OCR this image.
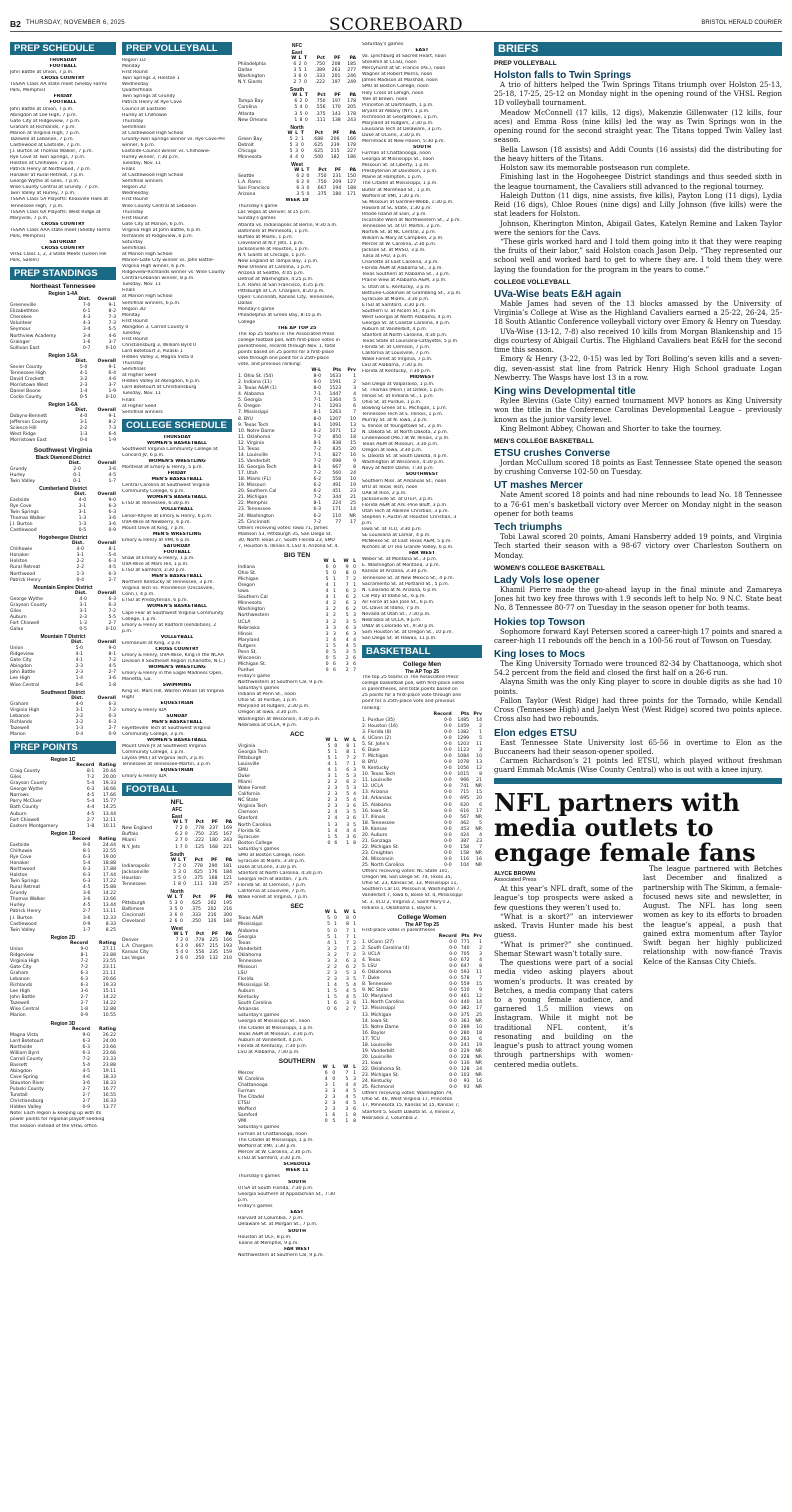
B2 THURSDAY, NOVEMBER 6, 2025	SCOREBOARD	BRISTOL HERALD COURIER
PREP SCHEDULE
THURSDAY
FOOTBALL
John Battle at Union, 7 p.m.
CROSS COUNTRY
TSSAA Class AA state meet (Shelby Farms
Park, Memphis)
FRIDAY
FOOTBALL
John Battle at Union, 7 p.m.
Abingdon at Lee High, 7 p.m.
Gate City at Ridgeview, 7 p.m.
Graham at Richlands, 7 p.m.
Marion at Virginia High, 7 p.m.
Tazewell at Lebanon, 7 p.m.
Castlewood at Eastside, 7 p.m.
J.I. Burton at Thomas Walker, 7 p.m.
Rye Cove at Twin Springs, 7 p.m.
Holston at Chilhowie, 7 p.m.
Patrick Henry at Northwood, 7 p.m.
Honaker at Rural Retreat, 7 p.m.
George Wythe at Giles, 7 p.m.
Wise County Central at Grundy, 7 p.m.
Twin Valley at Hurley, 7 p.m.
TSSAA Class 5A Playoffs: Knoxville Halls at
Tennessee High, 7 p.m.
TSSAA Class 6A Playoffs: West Ridge at
Maryville, 7 p.m.
CROSS COUNTRY
TSSAA Class AAA state meet (Shelby Farms
Park, Memphis)
SATURDAY
CROSS COUNTRY
VHSL Class 1, 2, 3 State Meets (Green Hill
Park, Salem)
PREP STANDINGS
Northeast Tennessee
Region 1-4A
	Dist.	Overall
Greeneville	7-0	9-1
Elizabethton	6-1	8-2
Cherokee	4-3	7-3
Volunteer	4-3	7-3
Seymour	3-4	5-5
Northview Academy	3-4	4-6
Grainger	1-6	3-7
Sullivan East	0-7	0-10
Region 1-5A
	Dist.	Overall
Sevier County	5-0	9-1
Tennessee High	4-1	6-4
David Crockett	3-2	4-6
Morristown West	2-3	3-7
Daniel Boone	1-4	1-9
Cocke County	0-5	0-10
Region 1-6A
	Dist.	Overall
Dobyns-Bennett	4-0	9-1
Jefferson County	3-1	8-2
Science Hill	2-2	7-3
West Ridge	1-3	6-4
Morristown East	0-4	1-9
Southwest Virginia
Black Diamond District
	Dist.	Overall
Grundy	2-0	3-6
Hurley	0-1	4-5
Twin Valley	0-1	1-7
Cumberland District
	Dist.	Overall
Eastside	4-0	9-0
Rye Cove	3-1	6-3
Twin Springs	3-1	6-3
Thomas Walker	1-3	3-6
J.I. Burton	1-3	3-6
Castlewood	0-5	0-9
Hogoheegee District
	Dist.	Overall
Chilhowie	4-0	8-1
Honaker	3-1	5-4
Holston	2-2	6-3
Rural Retreat	2-2	4-5
Northwood	1-3	6-3
Patrick Henry	0-4	2-7
Mountain Empire District
	Dist.	Overall
George Wythe	4-0	6-3
Grayson County	3-1	6-3
Giles	3-1	7-2
Auburn	2-3	5-5
Fort Chiswell	1-3	2-7
Galax	0-5	0-10
Mountain 7 District
	Dist.	Overall
Union	5-0	9-0
Ridgeview	4-1	8-1
Gate City	4-1	7-2
Abingdon	2-3	4-5
John Battle	2-3	2-7
Lee High	1-4	3-6
Wise Central	0-6	1-8
Southwest District
	Dist.	Overall
Graham	4-0	6-3
Virginia High	3-1	7-2
Lebanon	2-2	6-3
Richlands	2-2	6-3
Tazewell	1-3	2-7
Marion	0-4	0-9
PREP POINTS
Region 1C
	Record	Rating
Craig County	8-1	20.44
Giles	7-2	20.00
Grayson County	5-4	19.33
George Wythe	6-3	18.66
Narrows	4-5	17.66
Parry McCluer	5-4	15.77
Bath County	4-4	14.25
Auburn	4-5	13.44
Fort Chiswell	2-7	12.11
Eastern Montgomery	1-8	10.11
Region 1D
	Record	Rating
Eastside	9-0	24.44
Chilhowie	8-1	22.55
Rye Cove	6-3	19.00
Honaker	5-4	18.88
Northwood	6-3	17.88
Holston	6-3	17.44
Twin Springs	6-3	17.22
Rural Retreat	4-5	15.88
Grundy	3-6	14.22
Thomas Walker	3-6	13.66
Hurley	4-5	13.44
Patrick Henry	2-7	13.11
J.I. Burton	3-6	12.33
Castlewood	0-9	8.33
Twin Valley	1-7	8.25
Region 2D
	Record	Rating
Union	9-0	27.11
Ridgeview	8-1	23.88
Virginia High	7-2	23.55
Gate City	7-2	23.11
Graham	6-3	21.11
Lebanon	6-3	20.66
Richlands	6-3	19.33
Lee High	3-6	15.11
John Battle	2-7	14.22
Tazewell	2-7	14.22
Wise Central	1-8	12.88
Marion	0-9	10.55
Region 3D
	Record	Rating
Magna Vista	9-0	26.22
Lord Botetourt	6-3	24.00
Northside	6-3	23.66
William Byrd	6-3	23.66
Carroll County	7-2	23.33
Bassett	5-4	23.88
Abingdon	4-5	19.11
Cave Spring	4-6	18.33
Staunton River	3-6	18.33
Pulaski County	2-7	16.77
Tunstall	2-7	16.55
Christiansburg	2-7	16.33
Hidden Valley	0-9	13.77
Note: Each region & keeping up with its
power points for regional playoff seeding
this season instead of the VHSL office.
PREP VOLLEYBALL
Region 1D
Monday
First Round
Twin Springs 3, Holston 1
Wednesday
Quarterfinals
Twin Springs at Grundy
Patrick Henry at Rye Cove
Council at Eastside
Hurley at Chilhowie
Thursday
Semifinals
at Castlewood High School
Grundy-Twin Springs winner vs. Rye Cove-PH
winner, 6 p.m.
Eastside-Council winner vs. Chilhowie-
Hurley winner, 7:30 p.m.
Tuesday, Nov. 11
Finals
at Castlewood High School
Semifinal winners
Region 2D
Wednesday
First Round
Wise County Central at Lebanon
Thursday
First Round
Gate City at Marion, 6 p.m.
Virginia High at John Battle, 6 p.m.
Richlands at Ridgeview, 6 p.m.
Saturday
Semifinals
at Marion High School
Marion-Gate City winner vs. John Battle-
Virginia High winner, 6 p.m.
Ridgeview-Richlands winner vs. Wise County
Central-Lebanon winner, 8 p.m.
Tuesday, Nov. 11
Finals
at Marion High School
Semifinal winners, 6 p.m.
Region 3D
Monday
First Round
Abingdon 3, Carroll County 0
Tuesday
First Round
Christiansburg 3, William Byrd 0
Lord Botetourt 3, Pulaski 1
Hidden Valley 3, Magna Vista 0
Thursday
Semifinals
at Higher Seed
Hidden Valley at Abingdon, 6 p.m.
Lord Botetourt at Christiansburg
Tuesday, Nov. 11
Finals
at Higher Seed
Semifinal winners
COLLEGE SCHEDULE
THURSDAY
WOMEN'S BASKETBALL
Southwest Virginia Community College at
Concord JV, 6 p.m.
WOMEN'S WRESTLING
Montreat at Emory & Henry, 5 p.m.
FRIDAY
MEN'S BASKETBALL
Central Carolina at Southwest Virginia
Community College, 6 p.m.
WOMEN'S BASKETBALL
ETSU at Tennessee, 6:30 p.m.
VOLLEYBALL
Lenoir-Rhyne at Emory & Henry, 6 p.m.
UVA-Wise at Newberry, 6 p.m.
Mount Olive at King, 7 p.m.
MEN'S WRESTLING
Emory & Henry at VMI, 6 p.m.
SATURDAY
FOOTBALL
Shaw at Emory & Henry, 1 p.m.
UVA-Wise at Mars Hill, 1 p.m.
ETSU at Samford, 3:30 p.m.
MEN'S BASKETBALL
Northern Kentucky at Tennessee, 3 p.m.
Virginia Tech vs. Providence (Uncasville,
Conn.), 4 p.m.
ETSU at Presbyterian, 6 p.m.
WOMEN'S BASKETBALL
Cape Fear at Southwest Virginia Community
College, 1 p.m.
Emory & Henry at Radford (exhibition), 2
p.m.
VOLLEYBALL
Emmanuel at King, 2 p.m.
CROSS COUNTRY
Emory & Henry, UVA-Wise, King in the NCAA
Division II Southeast Region (Charlotte, N.C.)
WOMEN'S WRESTLING
Emory & Henry in the Eagle Madness Open,
Marietta, Ga.
SWIMMING
King vs. Mars Hill, Warren Wilson (at Virginia
High)
EQUESTRIAN
Emory & Henry IDA
SUNDAY
MEN'S BASKETBALL
Fayetteville Tech at Southwest Virginia
Community College, 3 p.m.
WOMEN'S BASKETBALL
Mount Olive JV at Southwest Virginia
Community College, 1 p.m.
Loyola (Md.) at Virginia Tech, 2 p.m.
Tennessee at Tennessee-Martin, 3 p.m.
EQUESTRIAN
Emory & Henry IDA
FOOTBALL
NFL
AFC
East
	W	L	T	Pct	PF	PA
New England	7	2	0	.778	237	169
Buffalo	6	2	0	.750	235	167
Miami	2	7	0	.222	180	243
N.Y. Jets	1	7	0	.125	168	221
South
	W	L	T	Pct	PF	PA
Indianapolis	7	2	0	.778	290	181
Jacksonville	5	3	0	.625	176	184
Houston	3	5	0	.375	168	121
Tennessee	1	8	0	.111	130	257
North
	W	L	T	Pct	PF	PA
Pittsburgh	5	3	0	.625	202	195
Baltimore	3	5	0	.375	202	216
Cincinnati	3	6	0	.333	216	300
Cleveland	2	6	0	.250	126	184
West
	W	L	T	Pct	PF	PA
Denver	7	2	0	.778	225	166
L.A. Chargers	6	3	0	.667	215	193
Kansas City	5	4	0	.556	235	159
Las Vegas	2	6	0	.250	132	210
NFC
East
	W	L	T	Pct	PF	PA
Philadelphia	6	2	0	.750	208	185
Dallas	3	5	1	.389	263	277
Washington	3	6	0	.333	201	246
N.Y. Giants	2	7	0	.222	197	249
South
	W	L	T	Pct	PF	PA
Tampa Bay	6	2	0	.750	197	178
Carolina	5	4	0	.556	170	205
Atlanta	3	5	0	.375	143	178
New Orleans	1	8	0	.111	138	243
North
	W	L	T	Pct	PF	PA
Green Bay	5	2	1	.688	206	166
Detroit	5	3	0	.625	239	178
Chicago	5	3	0	.625	215	227
Minnesota	4	4	0	.500	182	186
West
	W	L	T	Pct	PF	PA
Seattle	6	2	0	.750	231	150
L.A. Rams	6	2	0	.750	209	127
San Francisco	6	3	0	.667	194	188
Arizona	3	5	0	.375	180	171
WEEK 10
Thursday's game
Las Vegas at Denver, 8:15 p.m.
Sunday's games
Atlanta vs. Indianapolis at Berlin, 9:30 a.m.
Baltimore at Minnesota, 1 p.m.
Buffalo at Miami, 1 p.m.
Cleveland at N.Y. Jets, 1 p.m.
Jacksonville at Houston, 1 p.m.
N.Y. Giants at Chicago, 1 p.m.
New England at Tampa Bay, 1 p.m.
New Orleans at Carolina, 1 p.m.
Arizona at Seattle, 4:05 p.m.
Detroit at Washington, 4:25 p.m.
L.A. Rams at San Francisco, 4:25 p.m.
Pittsburgh at L.A. Chargers, 8:20 p.m.
Open: Cincinnati, Kansas City, Tennessee,
Dallas
Monday's game
Philadelphia at Green Bay, 8:15 p.m.
College
THE AP TOP 25
The Top 25 teams in The Associated Press
college football poll, with first-place votes in
parentheses, records through Nov. 1, total
points based on 25 points for a first-place
vote through one point for a 25th-place
vote, and previous ranking:
	W-L	Pts	Prv
1. Ohio St. (54)	8-0	1633	1
2. Indiana (11)	9-0	1591	2
3. Texas A&M (1)	8-0	1523	3
4. Alabama	7-1	1447	4
5. Georgia	7-1	1364	5
6. Oregon	7-1	1293	6
7. Mississippi	8-1	1263	7
8. BYU	8-0	1207	10
9. Texas Tech	8-1	1091	13
10. Notre Dame	6-2	1071	12
11. Oklahoma	7-2	850	18
12. Virginia	8-1	838	15
13. Texas	7-2	835	20
14. Louisville	7-1	827	16
15. Vanderbilt	7-2	698	9
16. Georgia Tech	8-1	667	8
17. Utah	7-2	560	24
18. Miami (FL)	6-2	558	10
19. Missouri	6-2	491	19
20. Southern Cal	6-2	451	23
21. Michigan	7-2	344	21
22. Memphis	8-1	224	25
23. Tennessee	6-3	171	14
24. Washington	6-2	110	NR
25. Cincinnati	7-2	77	17
Others receiving votes: Iowa 71, James
Madison 53, Pittsburgh 35, San Diego St.
30, North Texas 27, South Florida 23, SMU
7, Houston 6, Illinois 4, LSU 4, Arizona St. 4.
BIG TEN
	W	L	W	L
Indiana	6	0	9	0
Ohio St.	5	0	8	0
Michigan	5	1	7	2
Oregon	4	1	7	1
Iowa	4	1	6	2
Southern Cal	4	1	6	2
Minnesota	4	2	6	3
Washington	3	2	6	2
Northwestern	3	2	5	3
UCLA	3	2	3	5
Nebraska	3	3	6	3
Illinois	3	3	6	3
Maryland	1	4	4	4
Rutgers	1	5	4	5
Penn St.	0	5	3	5
Wisconsin	0	5	2	6
Michigan St.	0	6	3	6
Purdue	0	6	2	7
Friday's game
Northwestern at Southern Cal, 9 p.m.
Saturday's games
Indiana at Penn St., noon
Ohio St. at Purdue, 1 p.m.
Maryland at Rutgers, 2:30 p.m.
Oregon at Iowa, 3:30 p.m.
Washington at Wisconsin, 4:30 p.m.
Nebraska at UCLA, 9 p.m.
ACC
	W	L	W	L
Virginia	5	0	8	1
Georgia Tech	5	1	8	1
Pittsburgh	5	1	7	2
Louisville	4	1	7	1
SMU	4	1	6	3
Duke	3	1	5	3
Miami	2	2	6	2
Wake Forest	2	3	5	3
California	2	3	5	4
NC State	2	3	5	4
Virginia Tech	2	3	3	6
Clemson	2	4	3	5
Stanford	2	4	3	6
North Carolina	1	3	3	5
Florida St.	1	4	4	4
Syracuse	1	5	3	6
Boston College	0	6	1	8
Saturday's games
SMU at Boston College, noon
Syracuse at Miami, 3:30 p.m.
Duke at UConn, 3:30 p.m.
Stanford at North Carolina, 4:30 p.m.
Georgia Tech at Boston, 7 p.m.
Florida St. at Clemson, 7 p.m.
California at Louisville, 7 p.m.
Wake Forest at Virginia, 7 p.m.
SEC
	W	L	W	L
Texas A&M	5	0	8	0
Mississippi	5	1	8	1
Alabama	5	0	7	1
Georgia	5	1	7	1
Texas	4	1	7	2
Vanderbilt	3	2	7	2
Oklahoma	3	2	7	2
Tennessee	3	3	6	3
Missouri	2	2	6	2
LSU	2	3	5	3
Florida	2	3	3	5
Mississippi St.	1	4	5	4
Auburn	1	5	4	5
Kentucky	1	5	4	5
South Carolina	1	6	3	6
Arkansas	0	6	2	7
Saturday's games
Georgia at Mississippi St., noon
The Citadel at Mississippi, 1 p.m.
Texas A&M at Missouri, 3:30 p.m.
Auburn at Vanderbilt, 4 p.m.
Florida at Kentucky, 7:30 p.m.
LSU at Alabama, 7:30 p.m.
SOUTHERN
	W	L	W	L
Mercer	6	0	7	1
W. Carolina	4	0	5	3
Chattanooga	3	1	4	4
Furman	3	3	4	5
The Citadel	2	3	4	5
ETSU	2	3	4	5
Wofford	2	3	3	6
Samford	1	6	1	8
VMI	0	5	1	8
Saturday's games
Furman at Chattanooga, noon
The Citadel at Mississippi, 1 p.m.
Wofford at VMI, 1:30 p.m.
Mercer at W. Carolina, 2:30 p.m.
ETSU at Samford, 3:30 p.m.
SCHEDULE
WEEK 11
Thursday's games
SOUTH
UTSA at South Florida, 7:30 p.m.
Georgia Southern at Appalachian St., 7:30
p.m.
Friday's games
EAST
Harvard at Columbia, 7 p.m.
Delaware St. at Morgan St., 7 p.m.
SOUTH
Houston at UCF, 8 p.m.
Tulane at Memphis, 9 p.m.
FAR WEST
Northwestern at Southern Cal, 9 p.m.
Saturday's games
EAST
Va. Lynchburg at Sacred Heart, noon
Stonehill at CCSU, noon
Mercyhurst at St. Francis (Pa.), noon
Wagner at Robert Morris, noon
James Madison at Marshall, noon
SMU at Boston College, noon
Holy Cross at Lehigh, noon
Yale at Brown, noon
Princeton at Dartmouth, 1 p.m.
Bryant at Albany (NY), 1 p.m.
Richmond at Georgetown, 1 p.m.
Maryland at Rutgers, 2:30 p.m.
Louisiana Tech at Delaware, 3 p.m.
Duke at UConn, 3:30 p.m.
Merrimack at New Haven, 5:30 p.m.
SOUTH
Furman at Chattanooga, noon
Georgia at Mississippi St., noon
Missouri St. at Liberty, 1 p.m.
Presbyterian at Davidson, 1 p.m.
Maine at Hampton, 1 p.m.
The Citadel at Mississippi, 1 p.m.
Butler at Morehead St., 1 p.m.
Wofford at VMI, 1:30 p.m.
SE Missouri at Gardner-Webb, 1:30 p.m.
Howard at SC State, 1:30 p.m.
Rhode Island at Elon, 2 p.m.
Incarnate Word at Northwestern St., 2 p.m.
Tennessee St. at UT Martin, 2 p.m.
Norfolk St. at NC Central, 2 p.m.
William & Mary at Campbell, 2 p.m.
Mercer at W. Carolina, 2:30 p.m.
Jackson St. at MVSU, 3 p.m.
Tulsa at FAU, 3 p.m.
Charlotte at East Carolina, 3 p.m.
Florida A&M at Alabama St., 3 p.m.
Texas Southern at Alabama St., 3 p.m.
Prairie View at Alabama A&M, 3 p.m.
S. Utah at E. Kentucky, 3 p.m.
Bethune-Cookman at Grambling St., 3 p.m.
Syracuse at Miami, 3:30 p.m.
ETSU at Samford, 3:30 p.m.
Southern U. at Alcorn St., 4 p.m.
West Georgia at North Alabama, 4 p.m.
Georgia St. at Coastal Carolina, 4 p.m.
Auburn at Vanderbilt, 4 p.m.
Stanford at North Carolina, 4:30 p.m.
Texas State at Louisiana-Lafayette, 5 p.m.
Florida St. at Clemson, 7 p.m.
California at Louisville, 7 p.m.
Wake Forest at Virginia, 7 p.m.
LSU at Alabama, 7:30 p.m.
Florida at Kentucky, 7:30 p.m.
MIDWEST
San Diego at Valparaiso, 1 p.m.
St. Thomas (Minn.) at Drake, 1 p.m.
Illinois St. at Indiana St., 1 p.m.
Ohio St. at Purdue, 1 p.m.
Bowling Green at E. Michigan, 1 p.m.
Tennessee Tech at E. Illinois, 1 p.m.
Murray St. at N. Iowa, 2 p.m.
S. Illinois at Youngstown St., 2 p.m.
N. Dakota St. at North Dakota, 2 p.m.
Lindenwood (Mo.) at W. Illinois, 2 p.m.
Texas A&M at Missouri, 3:30 p.m.
Oregon at Iowa, 3:30 p.m.
S. Dakota St. at South Dakota, 4 p.m.
Washington at Wisconsin, 4:30 p.m.
Navy at Notre Dame, 7:30 p.m.
SOUTHWEST
Southern Miss. at Arkansas St., noon
BYU at Texas Tech, noon
UAB at Rice, 2 p.m.
Jacksonville St. at UTEP, 3 p.m.
Florida A&M at Ark.-Pine Bluff, 3 p.m.
Utah Tech at Abilene Christian, 3 p.m.
Stephen F. Austin at Houston Christian, 3
p.m.
Iowa St. at TCU, 3:30 p.m.
SE Louisiana at Lamar, 4 p.m.
McNeese St. at East Texas A&M, 5 p.m.
Nicholls at UT Rio Grande Valley, 6 p.m.
FAR WEST
Weber St. at Montana St., 3 p.m.
E. Washington at Montana, 3 p.m.
Kansas at Arizona, 3:30 p.m.
Tennessee St. at New Mexico St., 4 p.m.
Sacramento St. at Portland St., 5 p.m.
N. Colorado at N. Arizona, 6 p.m.
Cal Poly at Idaho St., 6 p.m.
Air Force at San Jose St., 6 p.m.
UC Davis at Idaho, 7 p.m.
Nevada at Utah St., 7:30 p.m.
Nebraska at UCLA, 9 p.m.
UNLV at Colorado St., 9:30 p.m.
Sam Houston St. at Oregon St., 10 p.m.
San Diego St. at Hawaii, 11 p.m.
BASKETBALL
College Men
The AP Top 25
The top 25 teams in The Associated Press'
college basketball poll, with first-place votes
in parentheses, and total points based on
25 points for a first-place vote through one
point for a 25th-place vote and previous
ranking:
	Record	Pts	Prv
1. Purdue (35)	0-0	1485	14
2. Houston (16)	0-0	1459	2
3. Florida (8)	0-0	1382	1
4. UConn (2)	0-0	1299	5
5. St. John's	0-0	1203	11
6. Duke	0-0	1123	3
7. Michigan	0-0	1084	10
8. BYU	0-0	1078	13
9. Kentucky	0-0	1056	12
10. Texas Tech	0-0	1015	8
11. Louisville	0-0	966	21
12. UCLA	0-0	741	NR
13. Arizona	0-0	715	15
14. Arkansas	0-0	695	20
15. Alabama	0-0	620	6
16. Iowa St.	0-0	616	17
17. Illinois	0-0	567	NR
18. Tennessee	0-0	462	5
19. Kansas	0-0	453	NR
20. Auburn	0-0	424	4
21. Gonzaga	0-0	387	23
22. Michigan St.	0-0	158	7
23. Creighton	0-0	158	NR
24. Wisconsin	0-0	116	16
25. North Carolina	0-0	104	NR
Others receiving votes: NC State 101,
Oregon 98, San Diego St. 74, Texas 35,
Ohio St. 23, Kansas St. 13, Mississippi 11,
Southern Cal 10, Missouri 8, Washington 7,
Vanderbilt 7, Iowa 6, Boise St. 4, Mississippi
St. 3, VCU 2, Virginia 2, Saint Mary's 2,
Indiana 1, Oklahoma 1, Baylor 1.
College Women
The AP Top 25
First-place votes in parentheses
	Record	Pts	Prv
1. UConn (27)	0-0	771	1
2. South Carolina (4)	0-0	740	2
3. UCLA	0-0	705	3
4. Texas	0-0	672	4
5. LSU	0-0	647	8
6. Oklahoma	0-0	593	11
7. Duke	0-0	578	7
8. Tennessee	0-0	559	15
9. NC State	0-0	510	9
10. Maryland	0-0	461	12
11. North Carolina	0-0	440	14
12. Mississippi	0-0	382	17
13. Michigan	0-0	375	25
14. Iowa St.	0-0	363	NR
15. Notre Dame	0-0	289	10
16. Baylor	0-0	280	18
17. TCU	0-0	263	6
18. Louisville	0-0	241	19
19. Vanderbilt	0-0	229	NR
20. Louisville	0-0	228	NR
21. Iowa	0-0	130	NR
22. Oklahoma St.	0-0	128	24
23. Michigan St.	0-0	103	NR
24. Kentucky	0-0	93	16
25. Richmond	0-0	93	NR
Others receiving votes: Washington 79,
Ohio St. 46, West Virginia 17, Princeton
17, Minnesota 15, Kansas St 15, Kansas 7,
Stanford 5, South Dakota St. 3, Illinois 2,
Nebraska 2, Columbia 2.
BRIEFS
PREP VOLLEYBALL
Holston falls to Twin Springs

A trio of hitters helped the Twin Springs Titans triumph over Holston 25-13, 25-18, 17-25, 25-12 on Monday night in the opening round of the VHSL Region 1D volleyball tournament.

Meadow McConnell (17 kills, 12 digs), Makenzie Gillenwater (12 kills, four aces) and Emma Ross (nine kills) led the way as Twin Springs won in the opening round for the second straight year. The Titans topped Twin Valley last season.

Bella Lawson (18 assists) and Addi Counts (16 assists) did the distributing for the heavy hitters of the Titans.

Holston saw its memorable postseason run complete.

Finishing last in the Hogoheegee District standings and thus seeded sixth in the league tournament, the Cavaliers still advanced to the regional tourney.

Haleigh Dutton (11 digs, nine assists, five kills), Payton Long (11 digs), Lydia Reid (16 digs), Chloe Roues (nine digs) and Lilly Johnson (five kills) were the stat leaders for Holston.

Johnson, Kherington Minton, Abigail Gates, Katelyn Remine and Laken Taylor were the seniors for the Cavs.

“These girls worked hard and I told them going into it that they were reaping the fruits of their labor,” said Holston coach Jason Delp. “They represented our school well and worked hard to get to where they are. I told them they were laying the foundation for the program in the years to come.”

COLLEGE VOLLEYBALL
UVa-Wise beats E&H again

Mable James had seven of the 13 blocks amassed by the University of Virginia’s College at Wise as the Highland Cavaliers earned a 25-22, 26-24, 25-18 South Atlantic Conference volleyball victory over Emory & Henry on Tuesday.

UVa-Wise (13-12, 7-8) also received 10 kills from Morgan Blankenship and 15 digs courtesy of Abigail Curtis. The Highland Cavaliers beat E&H for the second time this season.

Emory & Henry (3-22, 0-15) was led by Tori Bolling’s seven kills and a seven-dig, seven-assist stat line from Patrick Henry High School graduate Logan Newberry. The Wasps have lost 13 in a row.

King wins Developmental title

Rylee Blevins (Gate City) earned tournament MVP honors as King University won the title in the Conference Carolinas Developmental League – previously known as the junior varsity level.

King Belmont Abbey, Chowan and Shorter to take the tourney.

MEN’S COLLEGE BASKETBALL
ETSU crushes Converse

Jordan McCullum scored 18 points as East Tennessee State opened the season by crushing Converse 102-50 on Tuesday.

UT mashes Mercer

Nate Ament scored 18 points and had nine rebounds to lead No. 18 Tennessee to a 76-61 men’s basketball victory over Mercer on Monday night in the season opener for both teams

Tech triumphs

Tobi Lawal scored 20 points, Amani Hansberry added 19 points, and Virginia Tech started their season with a 98-67 victory over Charleston Southern on Monday.

WOMEN’S COLLEGE BASKETBALL
Lady Vols lose opener

Khamil Pierre made the go-ahead layup in the final minute and Zamareya Jones hit two key free throws with 1.9 seconds left to help No. 9 N.C. State beat No. 8 Tennessee 80-77 on Tuesday in the season opener for both teams.

Hokies top Towson

Sophomore forward Kayl Petersen scored a career-high 17 points and snared a career-high 11 rebounds off the bench in a 100-56 rout of Towson on Tuesday.

King loses to Mocs

The King University Tornado were trounced 82-34 by Chattanooga, which shot 54.2 percent from the field and closed the first half on a 26-6 run.

Alayna Smith was the only King player to score in double digits as she had 10 points.

Fallon Taylor (West Ridge) had three points for the Tornado, while Kendall Cross (Tennessee High) and Jaelyn West (West Ridge) scored two points apiece. Cross also had two rebounds.

Elon edges ETSU

East Tennessee State University lost 65-56 in overtime to Elon as the Buccaneers had their season-opener spoiled.

Carmen Richardson’s 21 points led ETSU, which played without freshman guard Emmah McAmis (Wise County Central) who is out with a knee injury.

NFL partners with media outlets to engage female fans
ALYCE BROWN
Associated Press

At this year’s NFL draft, some of the league’s top prospects were asked a few questions they weren’t used to.

“What is a skort?” an interviewer asked. Travis Hunter made his best guess.

“What is primer?” she continued. Shemar Stewart wasn’t totally sure.

The questions were part of a social media video asking players about women’s products. It was created by Betches, a media company that caters to a young female audience, and garnered 1.5 million views on Instagram. While it might not be traditional NFL content, it’s resonating and building on the league’s push to attract young women through partnerships with women-centered media outlets.

The league partnered with Betches last December and finalized a partnership with The Skimm, a female-focused news site and newsletter, in August. The NFL has long seen women as key to its efforts to broaden the league’s appeal, a push that gained extra momentum after Taylor Swift began her highly publicized relationship with now-fiancé Travis Kelce of the Kansas City Chiefs.
